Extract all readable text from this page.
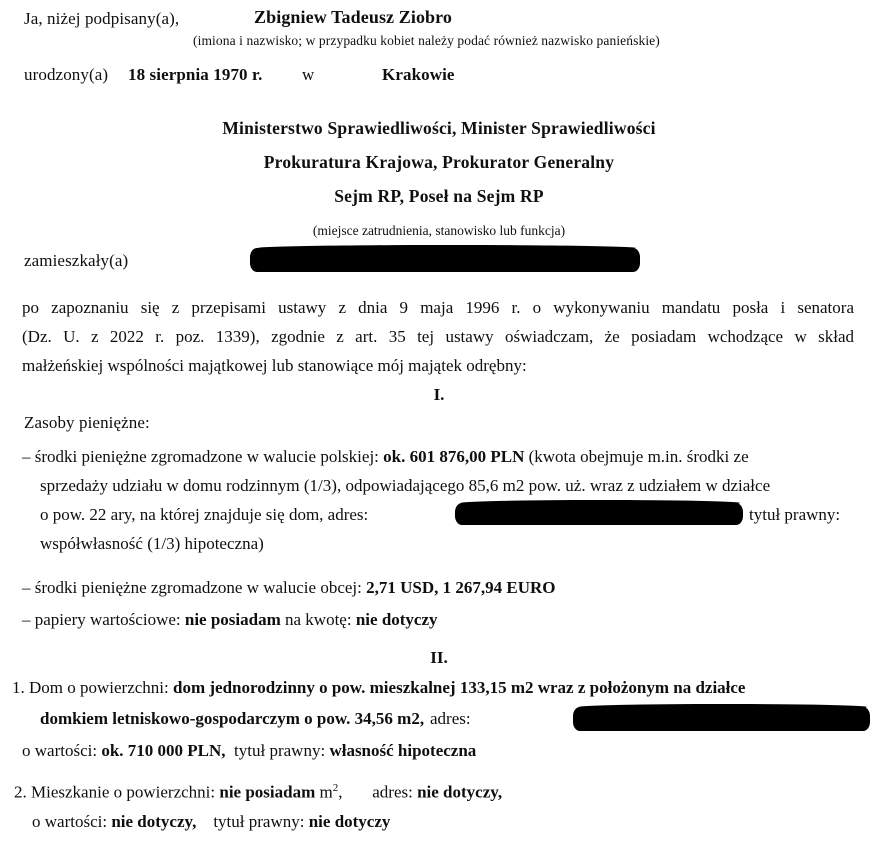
Ja, niżej podpisany(a),	Zbigniew Tadeusz Ziobro
(imiona i nazwisko; w przypadku kobiet należy podać również nazwisko panieńskie)
urodzony(a) 18 sierpnia 1970 r. w	Krakowie
Ministerstwo Sprawiedliwości, Minister Sprawiedliwości
Prokuratura Krajowa, Prokurator Generalny
Sejm RP, Poseł na Sejm RP
(miejsce zatrudnienia, stanowisko lub funkcja)
zamieszkały(a)
po zapoznaniu się z przepisami ustawy z dnia 9 maja 1996 r. o wykonywaniu mandatu posła i senatora
(Dz. U. z 2022 r. poz. 1339), zgodnie z art. 35 tej ustawy oświadczam, że posiadam wchodzące w skład
małżeńskiej wspólności majątkowej lub stanowiące mój majątek odrębny:
I.
Zasoby pieniężne:
– środki pieniężne zgromadzone w walucie polskiej: ok. 601 876,00 PLN (kwota obejmuje m.in. środki ze
sprzedaży udziału w domu rodzinnym (1/3), odpowiadającego 85,6 m2 pow. uż. wraz z udziałem w działce
o pow. 22 ary, na której znajduje się dom, adres:	tytuł prawny:
współwłasność (1/3) hipoteczna)
– środki pieniężne zgromadzone w walucie obcej: 2,71 USD, 1 267,94 EURO
– papiery wartościowe: nie posiadam na kwotę: nie dotyczy
II.
1. Dom o powierzchni: dom jednorodzinny o pow. mieszkalnej 133,15 m2 wraz z położonym na działce
domkiem letniskowo-gospodarczym o pow. 34,56 m2, adres:
o wartości: ok. 710 000 PLN, tytuł prawny: własność hipoteczna
2. Mieszkanie o powierzchni: nie posiadam $m^2$, adres: nie dotyczy,
o wartości: nie dotyczy, tytuł prawny: nie dotyczy
